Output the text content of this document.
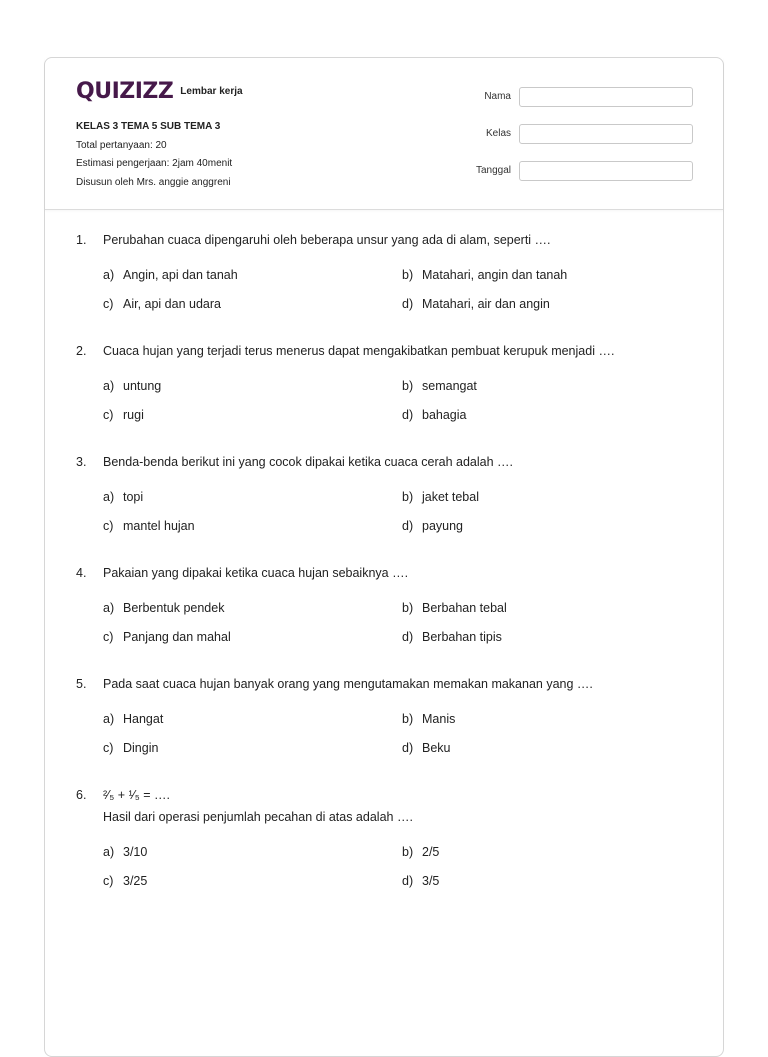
QUIZIZZ Lembar kerja
KELAS 3 TEMA 5 SUB TEMA 3
Total pertanyaan: 20
Estimasi pengerjaan: 2jam 40menit
Disusun oleh Mrs. anggie anggreni
Nama
Kelas
Tanggal
1.	Perubahan cuaca dipengaruhi oleh beberapa unsur yang ada di alam, seperti ….
a) Angin, api dan tanah	b) Matahari, angin dan tanah
c) Air, api dan udara	d) Matahari, air dan angin
2.	Cuaca hujan yang terjadi terus menerus dapat mengakibatkan pembuat kerupuk menjadi ….
a) untung	b) semangat
c) rugi	d) bahagia
3.	Benda-benda berikut ini yang cocok dipakai ketika cuaca cerah adalah ….
a) topi	b) jaket tebal
c) mantel hujan	d) payung
4.	Pakaian yang dipakai ketika cuaca hujan sebaiknya ….
a) Berbentuk pendek	b) Berbahan tebal
c) Panjang dan mahal	d) Berbahan tipis
5.	Pada saat cuaca hujan banyak orang yang mengutamakan memakan makanan yang ….
a) Hangat	b) Manis
c) Dingin	d) Beku
6.	²⁄₅ + ¹⁄₅ = ….
Hasil dari operasi penjumlah pecahan di atas adalah ….
a) 3/10	b) 2/5
c) 3/25	d) 3/5
